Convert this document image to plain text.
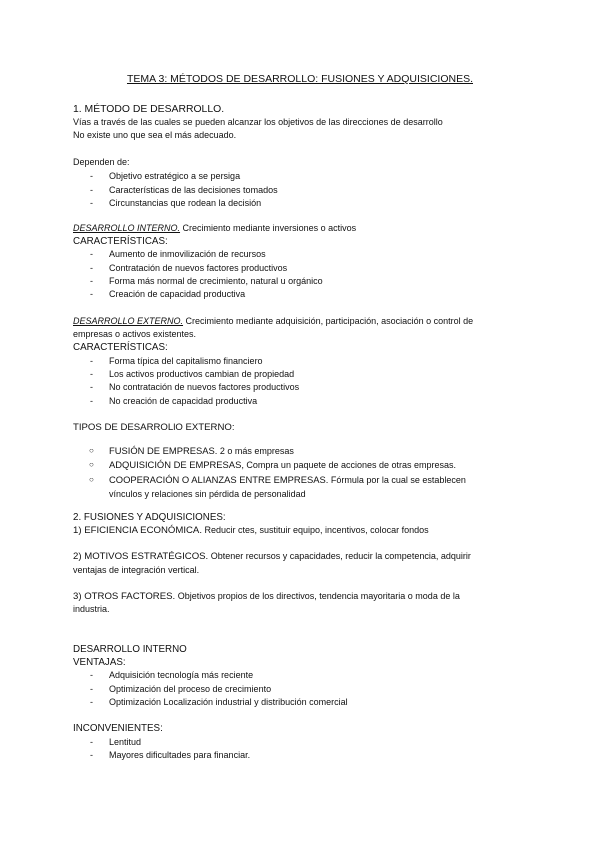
TEMA 3: MÉTODOS DE DESARROLLO: FUSIONES Y ADQUISICIONES.

1. MÉTODO DE DESARROLLO.

Vías a través de las cuales se pueden alcanzar los objetivos de las direcciones de desarrollo

No existe uno que sea el más adecuado.

Dependen de:

- Objetivo estratégico a se persiga
- Características de las decisiones tomados
- Circunstancias que rodean la decisión

DESARROLLO INTERNO. Crecimiento mediante inversiones o activos

CARACTERÍSTICAS:

- Aumento de inmovilización de recursos
- Contratación de nuevos factores productivos
- Forma más normal de crecimiento, natural u orgánico
- Creación de capacidad productiva

DESARROLLO EXTERNO. Crecimiento mediante adquisición, participación, asociación o control de

empresas o activos existentes.

CARACTERÍSTICAS:

- Forma típica del capitalismo financiero
- Los activos productivos cambian de propiedad
- No contratación de nuevos factores productivos
- No creación de capacidad productiva

TIPOS DE DESARROLlO EXTERNO:

○ FUSIÓN DE EMPRESAS. 2 o más empresas
○ ADQUISICIÓN DE EMPRESAS, Compra un paquete de acciones de otras empresas.
○ COOPERACIÓN O ALIANZAS ENTRE EMPRESAS. Fórmula por la cual se establecen
vínculos y relaciones sin pérdida de personalidad

2. FUSIONES Y ADQUISICIONES:

1) EFICIENCIA ECONÓMICA. Reducir ctes, sustituir equipo, incentivos, colocar fondos

2) MOTIVOS ESTRATÉGICOS. Obtener recursos y capacidades, reducir la competencia, adquirir

ventajas de integración vertical.

3) OTROS FACTORES. Objetivos propios de los directivos, tendencia mayoritaria o moda de la

industria.

DESARROLLO INTERNO

VENTAJAS:

- Adquisición tecnología más reciente
- Optimización del proceso de crecimiento
- Optimización Localización industrial y distribución comercial

INCONVENIENTES:

- Lentitud
- Mayores dificultades para financiar.
